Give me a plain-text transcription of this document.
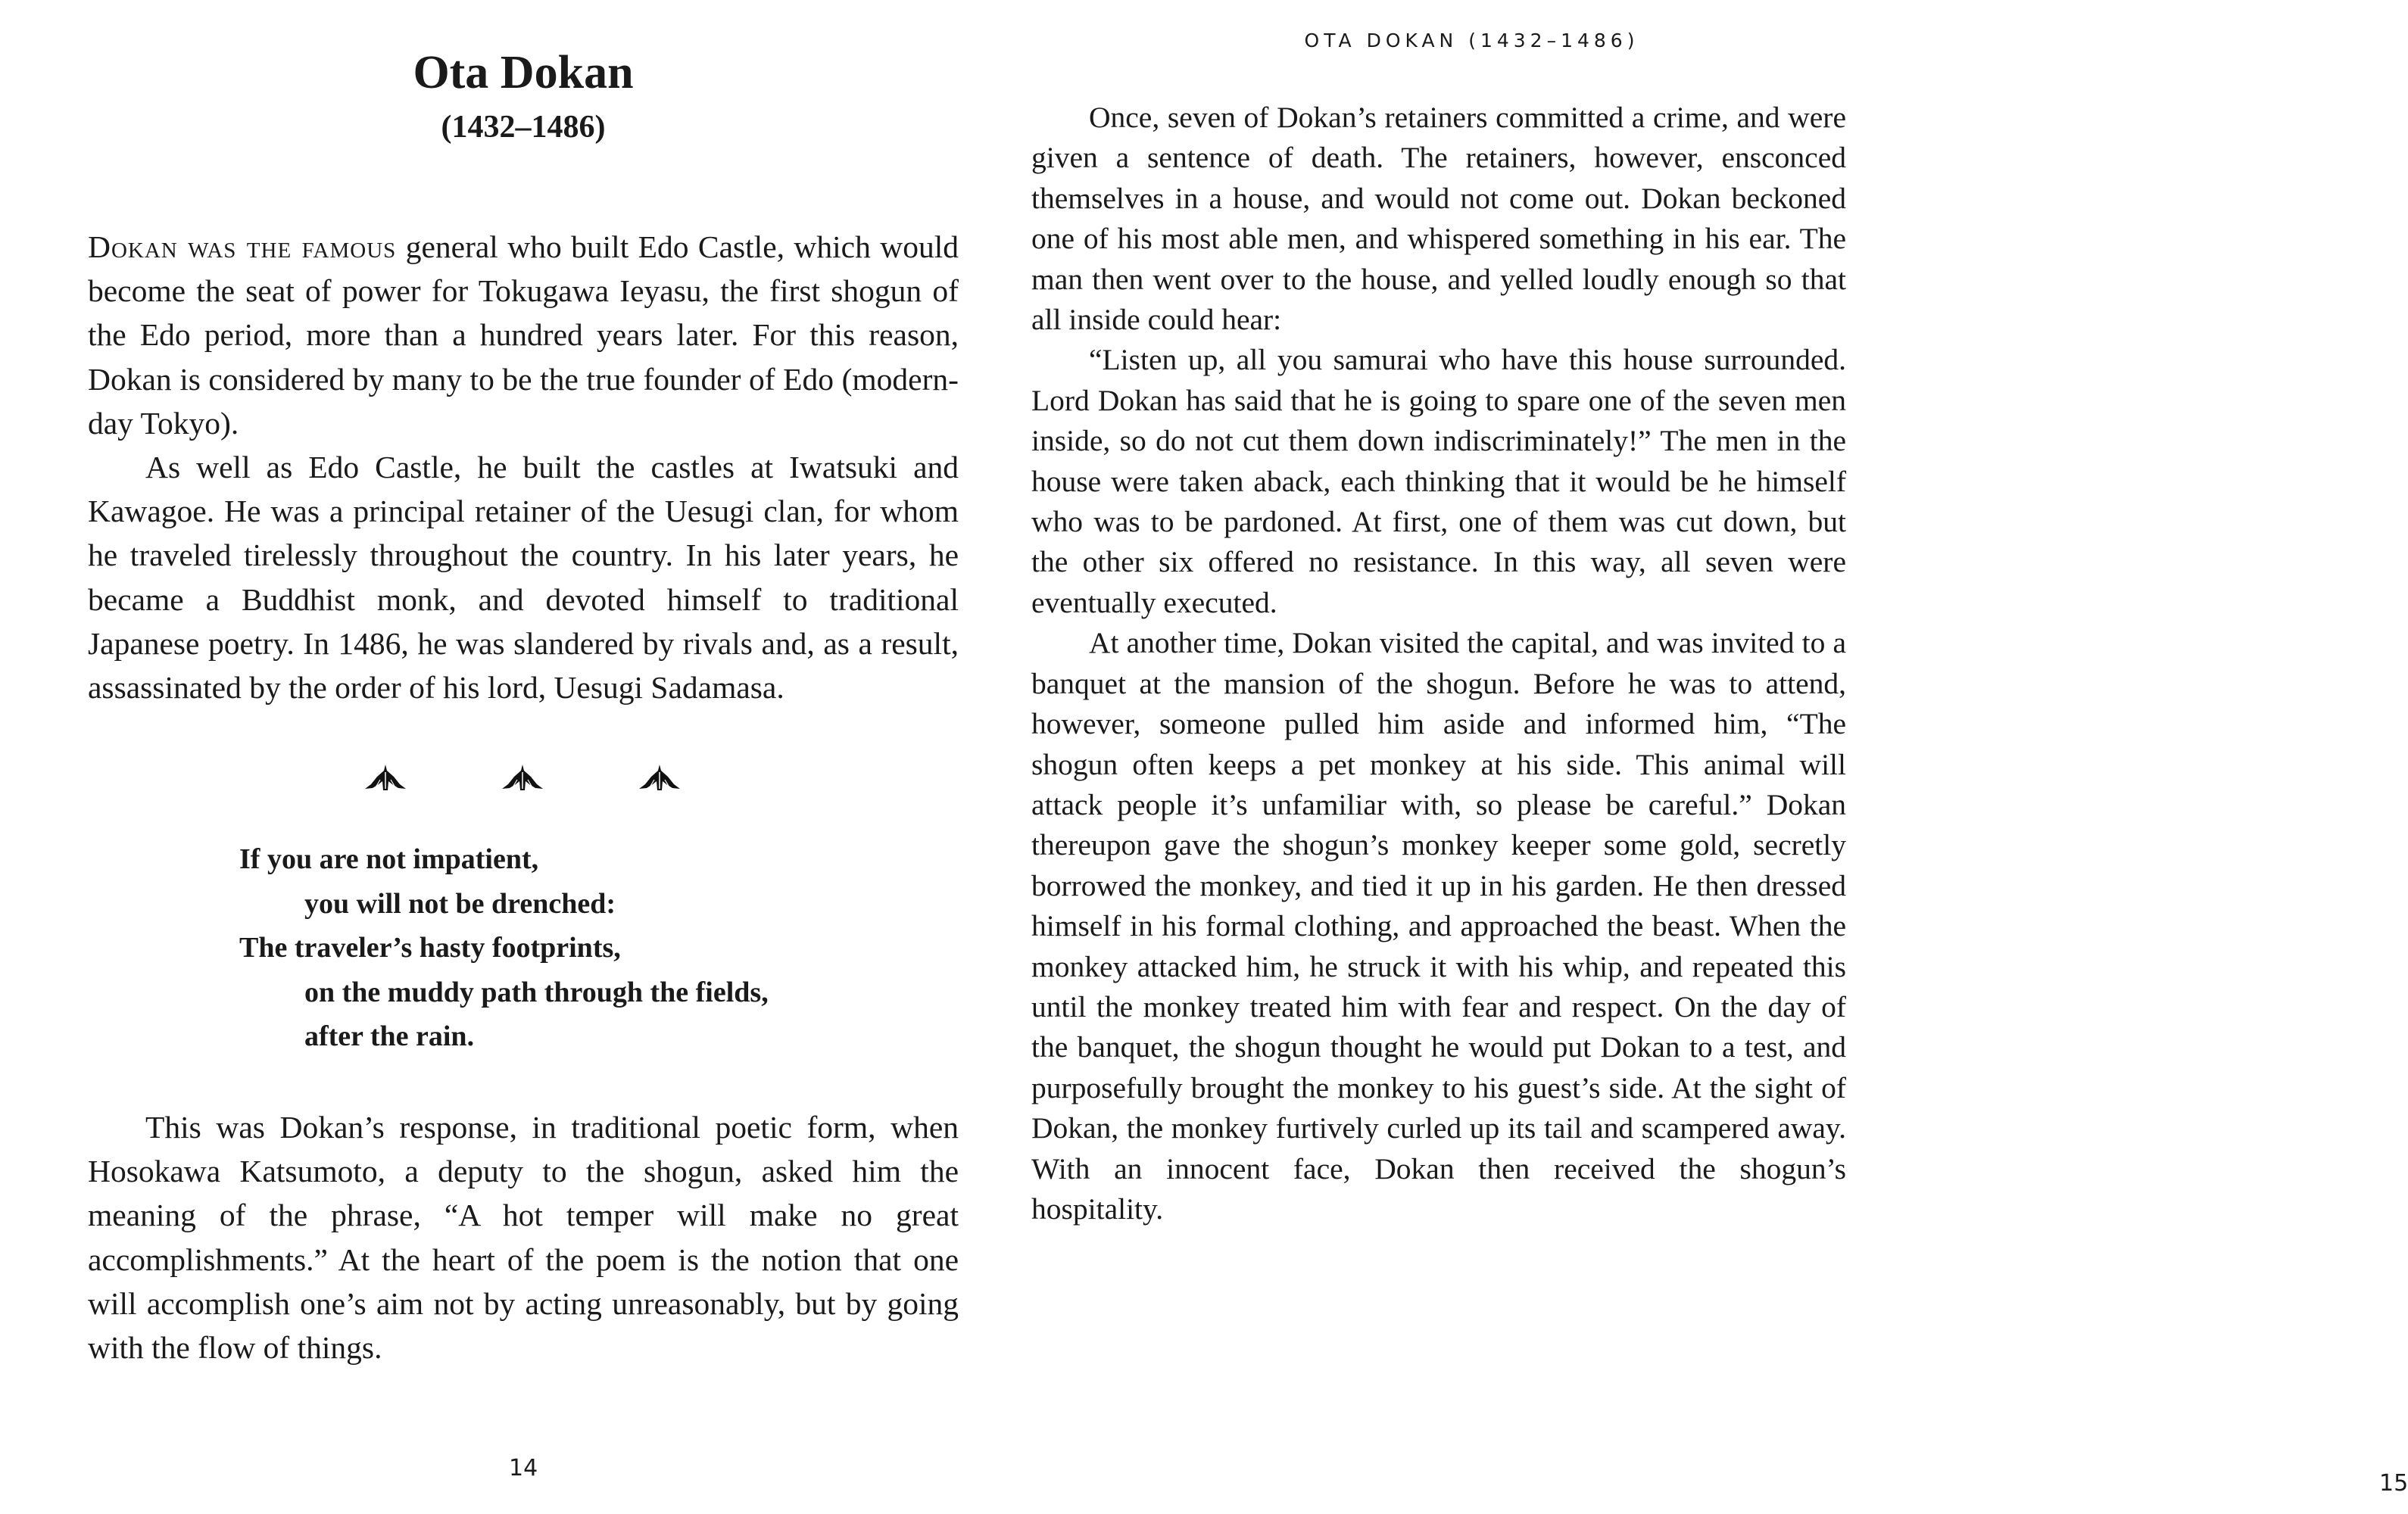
Ota Dokan
(1432–1486)

Dokan was the famous general who built Edo Castle, which would become the seat of power for Tokugawa Ieyasu, the first shogun of the Edo period, more than a hundred years later. For this reason, Dokan is considered by many to be the true founder of Edo (modern-day Tokyo).

As well as Edo Castle, he built the castles at Iwatsuki and Kawagoe. He was a principal retainer of the Uesugi clan, for whom he traveled tirelessly throughout the country. In his later years, he became a Buddhist monk, and devoted himself to traditional Japanese poetry. In 1486, he was slandered by rivals and, as a result, assassinated by the order of his lord, Uesugi Sadamasa.

If you are not impatient,
you will not be drenched:
The traveler’s hasty footprints,
on the muddy path through the fields,
after the rain.

This was Dokan’s response, in traditional poetic form, when Hosokawa Katsumoto, a deputy to the shogun, asked him the meaning of the phrase, “A hot temper will make no great accomplishments.” At the heart of the poem is the notion that one will accomplish one’s aim not by acting unreasonably, but by going with the flow of things.

14
OTA DOKAN (1432–1486)

Once, seven of Dokan’s retainers committed a crime, and were given a sentence of death. The retainers, however, ensconced themselves in a house, and would not come out. Dokan beckoned one of his most able men, and whispered something in his ear. The man then went over to the house, and yelled loudly enough so that all inside could hear:

“Listen up, all you samurai who have this house surrounded. Lord Dokan has said that he is going to spare one of the seven men inside, so do not cut them down indiscriminately!” The men in the house were taken aback, each thinking that it would be he himself who was to be pardoned. At first, one of them was cut down, but the other six offered no resistance. In this way, all seven were eventually executed.

At another time, Dokan visited the capital, and was invited to a banquet at the mansion of the shogun. Before he was to attend, however, someone pulled him aside and informed him, “The shogun often keeps a pet monkey at his side. This animal will attack people it’s unfamiliar with, so please be careful.” Dokan thereupon gave the shogun’s monkey keeper some gold, secretly borrowed the monkey, and tied it up in his garden. He then dressed himself in his formal clothing, and approached the beast. When the monkey attacked him, he struck it with his whip, and repeated this until the monkey treated him with fear and respect. On the day of the banquet, the shogun thought he would put Dokan to a test, and purposefully brought the monkey to his guest’s side. At the sight of Dokan, the monkey furtively curled up its tail and scampered away. With an innocent face, Dokan then received the shogun’s hospitality.

15
